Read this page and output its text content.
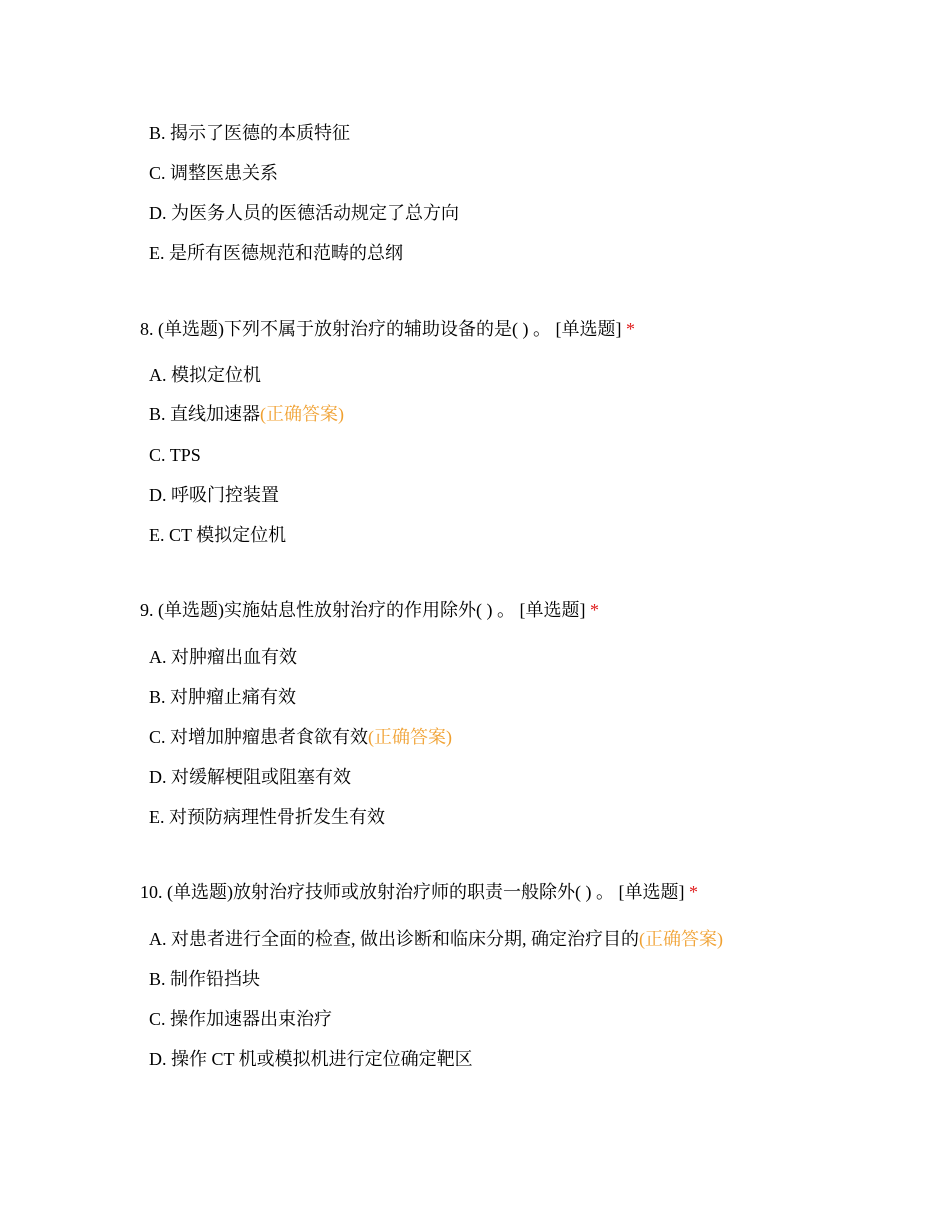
B. 揭示了医德的本质特征
C. 调整医患关系
D. 为医务人员的医德活动规定了总方向
E. 是所有医德规范和范畴的总纲
8. (单选题)下列不属于放射治疗的辅助设备的是( ) 。 [单选题] *
A. 模拟定位机
B. 直线加速器(正确答案)
C. TPS
D. 呼吸门控装置
E. CT 模拟定位机
9. (单选题)实施姑息性放射治疗的作用除外( ) 。 [单选题] *
A. 对肿瘤出血有效
B. 对肿瘤止痛有效
C. 对增加肿瘤患者食欲有效(正确答案)
D. 对缓解梗阻或阻塞有效
E. 对预防病理性骨折发生有效
10. (单选题)放射治疗技师或放射治疗师的职责一般除外( ) 。 [单选题] *
A. 对患者进行全面的检查, 做出诊断和临床分期, 确定治疗目的(正确答案)
B. 制作铅挡块
C. 操作加速器出束治疗
D. 操作 CT 机或模拟机进行定位确定靶区
